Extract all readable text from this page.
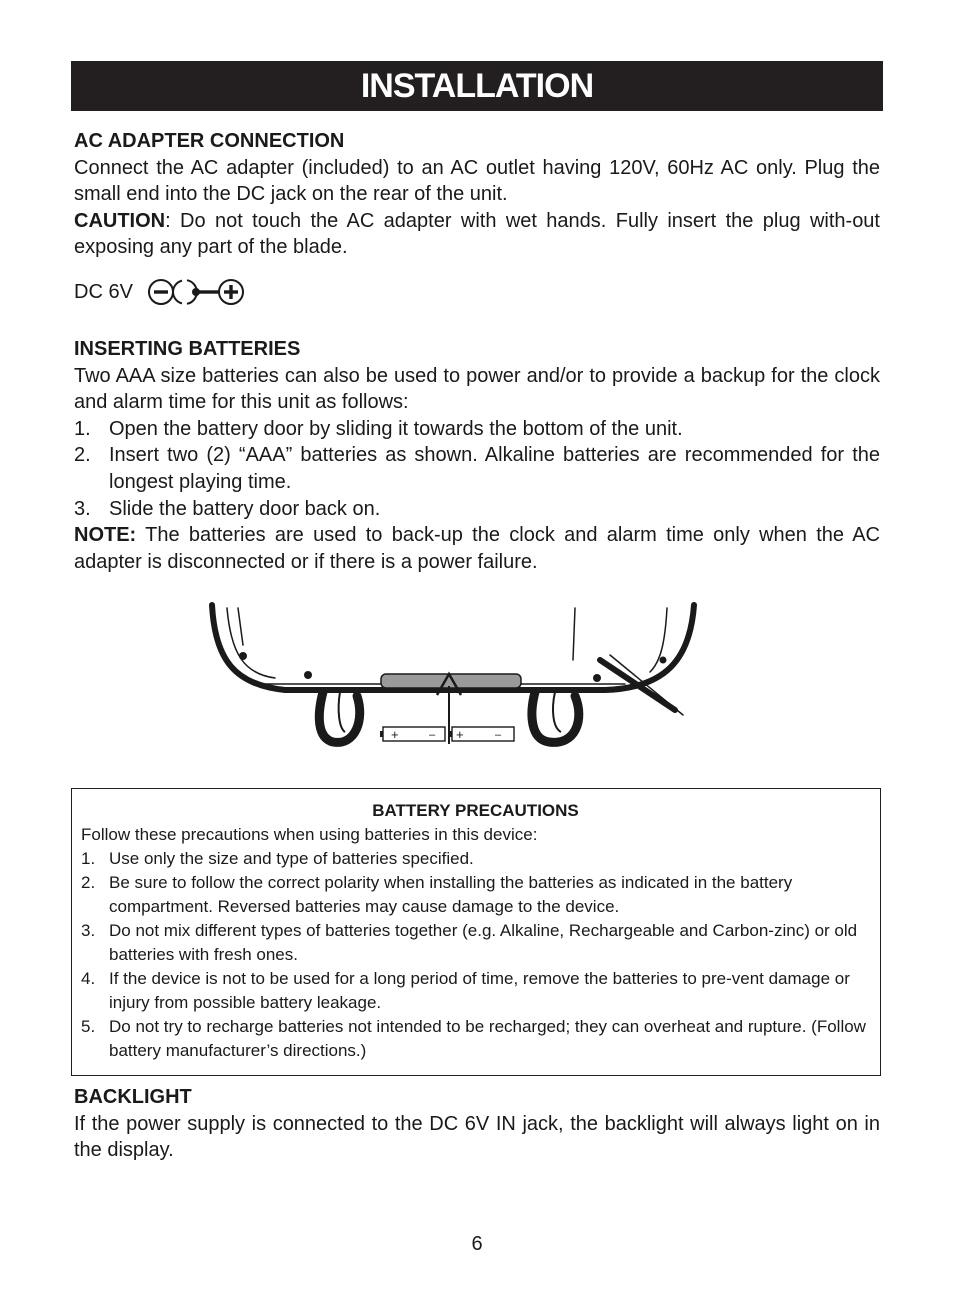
INSTALLATION
AC ADAPTER CONNECTION
Connect the AC adapter (included) to an AC outlet having 120V, 60Hz AC only. Plug the small end into the DC jack on the rear of the unit.
CAUTION: Do not touch the AC adapter with wet hands. Fully insert the plug with-out exposing any part of the blade.
DC 6V
INSERTING BATTERIES
Two AAA size batteries can also be used to power and/or to provide a backup for the clock and alarm time for this unit as follows:
1. Open the battery door by sliding it towards the bottom of the unit.
2. Insert two (2) “AAA” batteries as shown. Alkaline batteries are recommended for the longest playing time.
3. Slide the battery door back on.
NOTE: The batteries are used to back-up the clock and alarm time only when the AC adapter is disconnected or if there is a power failure.
+	– +	–
BATTERY PRECAUTIONS
Follow these precautions when using batteries in this device:
1. Use only the size and type of batteries specified.
2. Be sure to follow the correct polarity when installing the batteries as indicated in the battery compartment. Reversed batteries may cause damage to the device.
3. Do not mix different types of batteries together (e.g. Alkaline, Rechargeable and Carbon-zinc) or old batteries with fresh ones.
4. If the device is not to be used for a long period of time, remove the batteries to pre-vent damage or injury from possible battery leakage.
5. Do not try to recharge batteries not intended to be recharged; they can overheat and rupture. (Follow battery manufacturer’s directions.)
BACKLIGHT
If the power supply is connected to the DC 6V IN jack, the backlight will always light on in the display.
6
